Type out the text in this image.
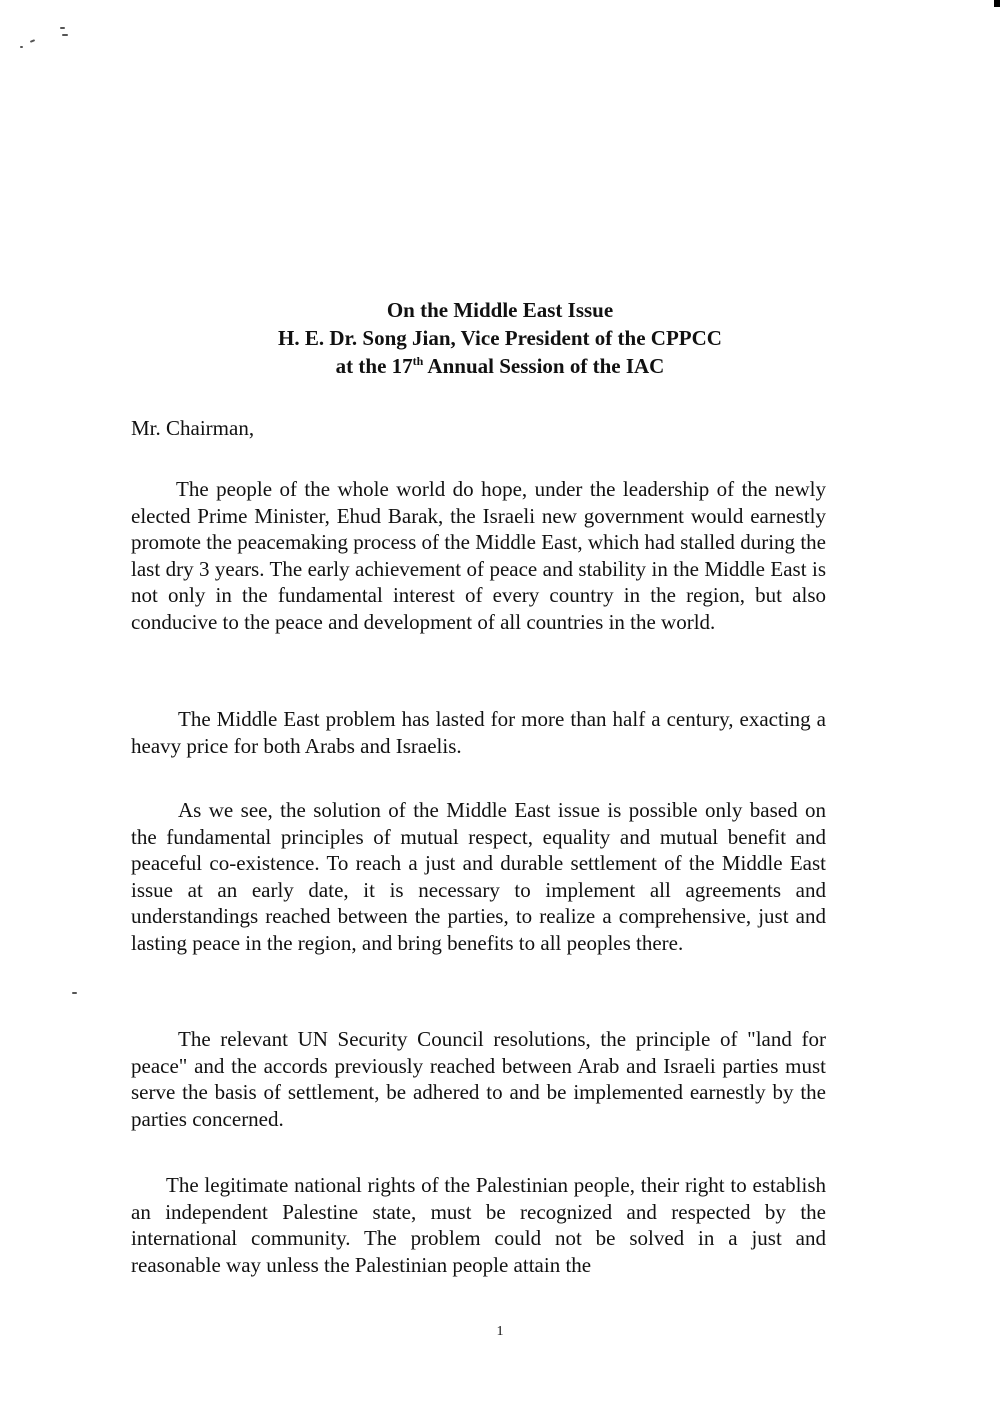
On the Middle East Issue
H. E. Dr. Song Jian, Vice President of the CPPCC
at the 17th Annual Session of the IAC
Mr. Chairman,
The people of the whole world do hope, under the leadership of the newly elected Prime Minister, Ehud Barak, the Israeli new government would earnestly promote the peacemaking process of the Middle East, which had stalled during the last dry 3 years. The early achievement of peace and stability in the Middle East is not only in the fundamental interest of every country in the region, but also conducive to the peace and development of all countries in the world.
The Middle East problem has lasted for more than half a century, exacting a heavy price for both Arabs and Israelis.
As we see, the solution of the Middle East issue is possible only based on the fundamental principles of mutual respect, equality and mutual benefit and peaceful co-existence. To reach a just and durable settlement of the Middle East issue at an early date, it is necessary to implement all agreements and understandings reached between the parties, to realize a comprehensive, just and lasting peace in the region, and bring benefits to all peoples there.
The relevant UN Security Council resolutions, the principle of "land for peace" and the accords previously reached between Arab and Israeli parties must serve the basis of settlement, be adhered to and be implemented earnestly by the parties concerned.
The legitimate national rights of the Palestinian people, their right to establish an independent Palestine state, must be recognized and respected by the international community. The problem could not be solved in a just and reasonable way unless the Palestinian people attain the
1
